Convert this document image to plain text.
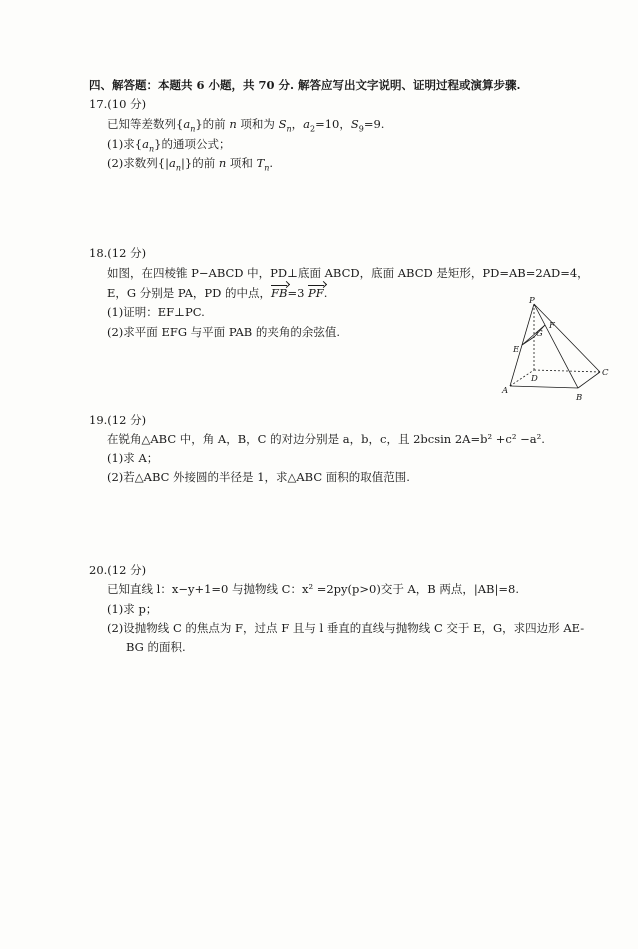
四、解答题：本题共 6 小题，共 70 分. 解答应写出文字说明、证明过程或演算步骤.
17.(10 分)
已知等差数列$\{a_n\}$的前 n 项和为 $S_n$，$a_2=10$，$S_9=9$.
(1)求$\{a_n\}$的通项公式；
(2)求数列$\{|a_n|\}$的前 n 项和 $T_n$.
18.(12 分)
如图，在四棱锥 P−ABCD 中，PD⊥底面 ABCD，底面 ABCD 是矩形，PD=AB=2AD=4，
E，G 分别是 PA，PD 的中点，FB=3 PF.
(1)证明：EF⊥PC.
(2)求平面 EFG 与平面 PAB 的夹角的余弦值.
P
G
F
E
D
C
A
B
19.(12 分)
在锐角△ABC 中，角 A，B，C 的对边分别是 a，b，c，且 2bcsin 2A=b² +c² −a².
(1)求 A；
(2)若△ABC 外接圆的半径是 1，求△ABC 面积的取值范围.
20.(12 分)
已知直线 l：x−y+1=0 与抛物线 C：x² =2py(p>0)交于 A，B 两点，|AB|=8.
(1)求 p；
(2)设抛物线 C 的焦点为 F，过点 F 且与 l 垂直的直线与抛物线 C 交于 E，G，求四边形 AE-
BG 的面积.
